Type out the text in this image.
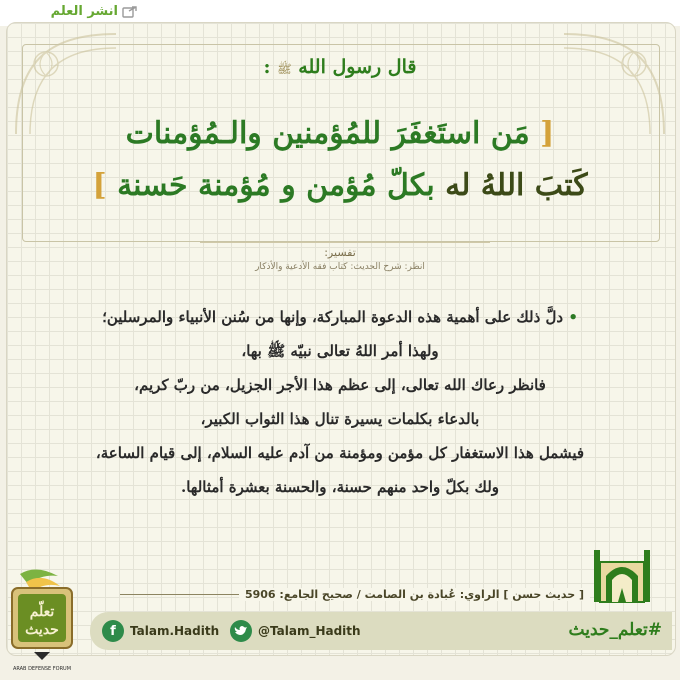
انشر العلم
قال رسول الله ﷺ :
[ مَن استَغفَرَ للمُؤمنين والـمُؤمنات
كَتبَ اللهُ له بكلّ مُؤمن و مُؤمنة حَسنة ]
تفسير:
انظر: شرح الحديث: كتاب فقه الأدعية والأذكار
• دلَّ ذلك على أهمية هذه الدعوة المباركة، وإنها من سُنن الأنبياء والمرسلين؛
ولهذا أمر اللهُ تعالى نبيّه ﷺ بها،
فانظر رعاك الله تعالى، إلى عظم هذا الأجر الجزيل، من ربّ كريم،
بالدعاء بكلمات يسيرة تنال هذا الثواب الكبير،
فيشمل هذا الاستغفار كل مؤمن ومؤمنة من آدم عليه السلام، إلى قيام الساعة،
ولك بكلّ واحد منهم حسنة، والحسنة بعشرة أمثالها.
[ حديث حسن ] الراوي: عُبادة بن الصامت / صحيح الجامع: 5906
f	Talam.Hadith	@Talam_Hadith	#تعلم_حديث
تعلّم
حديث
ARAB DEFENSE FORUM
